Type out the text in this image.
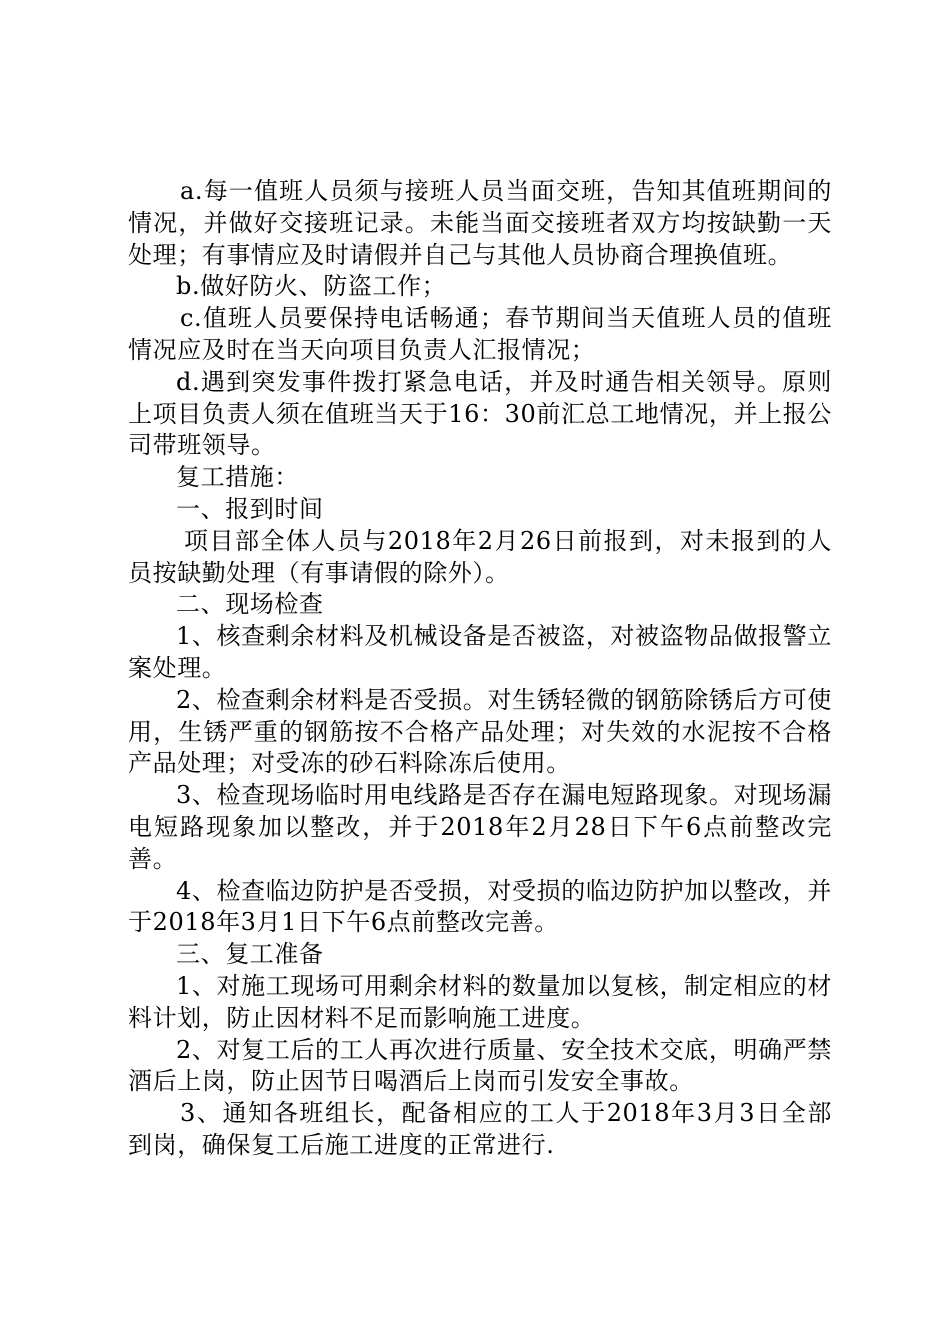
a.每一值班人员须与接班人员当面交班，告知其值班期间的情况，并做好交接班记录。未能当面交接班者双方均按缺勤一天处理；有事情应及时请假并自己与其他人员协商合理换值班。

b.做好防火、防盗工作；

c.值班人员要保持电话畅通；春节期间当天值班人员的值班情况应及时在当天向项目负责人汇报情况；

d.遇到突发事件拨打紧急电话，并及时通告相关领导。原则上项目负责人须在值班当天于16：30前汇总工地情况，并上报公司带班领导。

复工措施：

一、报到时间

项目部全体人员与2018年2月26日前报到，对未报到的人员按缺勤处理（有事请假的除外）。

二、现场检查

1、核查剩余材料及机械设备是否被盗，对被盗物品做报警立案处理。

2、检查剩余材料是否受损。对生锈轻微的钢筋除锈后方可使用，生锈严重的钢筋按不合格产品处理；对失效的水泥按不合格产品处理；对受冻的砂石料除冻后使用。

3、检查现场临时用电线路是否存在漏电短路现象。对现场漏电短路现象加以整改，并于2018年2月28日下午6点前整改完善。

4、检查临边防护是否受损，对受损的临边防护加以整改，并于2018年3月1日下午6点前整改完善。

三、复工准备

1、对施工现场可用剩余材料的数量加以复核，制定相应的材料计划，防止因材料不足而影响施工进度。

2、对复工后的工人再次进行质量、安全技术交底，明确严禁酒后上岗，防止因节日喝酒后上岗而引发安全事故。

3、通知各班组长，配备相应的工人于2018年3月3日全部到岗，确保复工后施工进度的正常进行.
